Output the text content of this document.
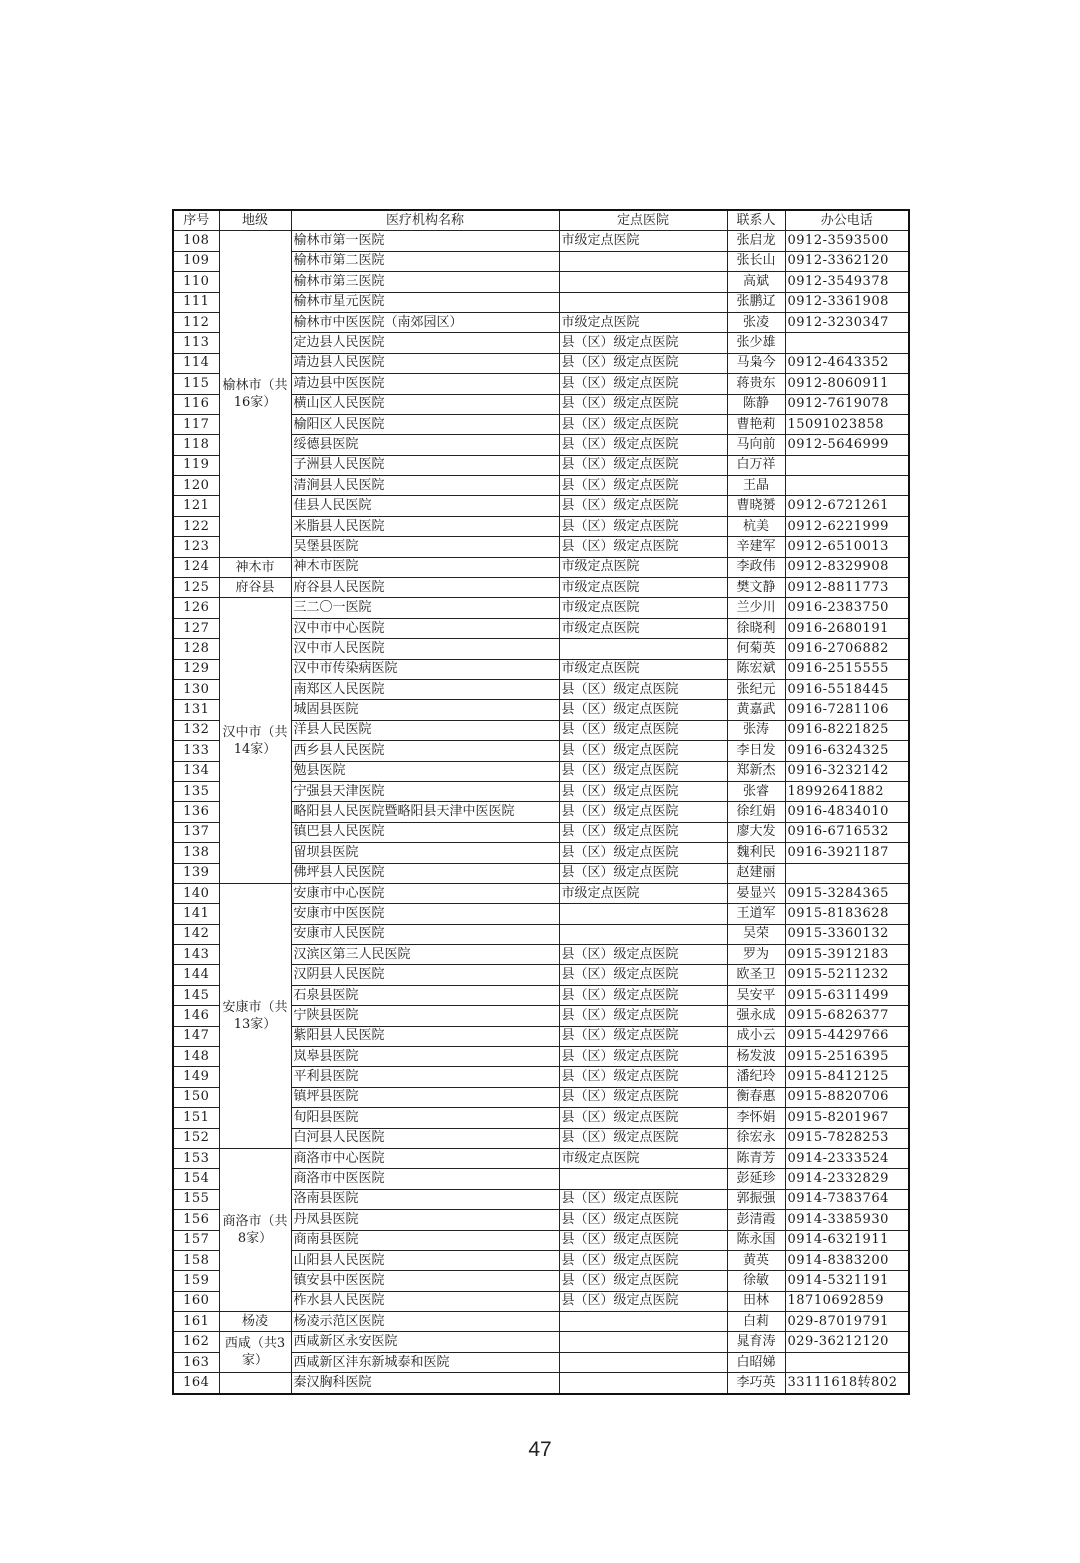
序号	地级	医疗机构名称	定点医院	联系人	办公电话
108	榆林市（共16家）	榆林市第一医院	市级定点医院	张启龙	0912-3593500
109		榆林市第二医院		张长山	0912-3362120
110		榆林市第三医院		高斌	0912-3549378
111		榆林市星元医院		张鹏辽	0912-3361908
112		榆林市中医医院（南郊园区）	市级定点医院	张凌	0912-3230347
113		定边县人民医院	县（区）级定点医院	张少雄	
114		靖边县人民医院	县（区）级定点医院	马枭今	0912-4643352
115		靖边县中医医院	县（区）级定点医院	蒋贵东	0912-8060911
116		横山区人民医院	县（区）级定点医院	陈静	0912-7619078
117		榆阳区人民医院	县（区）级定点医院	曹艳莉	15091023858
118		绥德县医院	县（区）级定点医院	马向前	0912-5646999
119		子洲县人民医院	县（区）级定点医院	白万祥	
120		清涧县人民医院	县（区）级定点医院	王晶	
121		佳县人民医院	县（区）级定点医院	曹晓赟	0912-6721261
122		米脂县人民医院	县（区）级定点医院	杭美	0912-6221999
123		吴堡县医院	县（区）级定点医院	辛建军	0912-6510013
124	神木市	神木市医院	市级定点医院	李政伟	0912-8329908
125	府谷县	府谷县人民医院	市级定点医院	樊文静	0912-8811773
126	汉中市（共14家）	三二〇一医院	市级定点医院	兰少川	0916-2383750
127		汉中市中心医院	市级定点医院	徐晓利	0916-2680191
128		汉中市人民医院		何菊英	0916-2706882
129		汉中市传染病医院	市级定点医院	陈宏斌	0916-2515555
130		南郑区人民医院	县（区）级定点医院	张纪元	0916-5518445
131		城固县医院	县（区）级定点医院	黄嘉武	0916-7281106
132		洋县人民医院	县（区）级定点医院	张涛	0916-8221825
133		西乡县人民医院	县（区）级定点医院	李日发	0916-6324325
134		勉县医院	县（区）级定点医院	郑新杰	0916-3232142
135		宁强县天津医院	县（区）级定点医院	张睿	18992641882
136		略阳县人民医院暨略阳县天津中医医院	县（区）级定点医院	徐红娟	0916-4834010
137		镇巴县人民医院	县（区）级定点医院	廖大发	0916-6716532
138		留坝县医院	县（区）级定点医院	魏利民	0916-3921187
139		佛坪县人民医院	县（区）级定点医院	赵建丽	
140	安康市（共13家）	安康市中心医院	市级定点医院	晏显兴	0915-3284365
141		安康市中医医院		王道军	0915-8183628
142		安康市人民医院		吴荣	0915-3360132
143		汉滨区第三人民医院	县（区）级定点医院	罗为	0915-3912183
144		汉阴县人民医院	县（区）级定点医院	欧圣卫	0915-5211232
145		石泉县医院	县（区）级定点医院	吴安平	0915-6311499
146		宁陕县医院	县（区）级定点医院	强永成	0915-6826377
147		紫阳县人民医院	县（区）级定点医院	成小云	0915-4429766
148		岚皋县医院	县（区）级定点医院	杨发波	0915-2516395
149		平利县医院	县（区）级定点医院	潘纪玲	0915-8412125
150		镇坪县医院	县（区）级定点医院	衡春惠	0915-8820706
151		旬阳县医院	县（区）级定点医院	李怀娟	0915-8201967
152		白河县人民医院	县（区）级定点医院	徐宏永	0915-7828253
153	商洛市（共8家）	商洛市中心医院	市级定点医院	陈青芳	0914-2333524
154		商洛市中医医院		彭延珍	0914-2332829
155		洛南县医院	县（区）级定点医院	郭振强	0914-7383764
156		丹凤县医院	县（区）级定点医院	彭清霞	0914-3385930
157		商南县医院	县（区）级定点医院	陈永国	0914-6321911
158		山阳县人民医院	县（区）级定点医院	黄英	0914-8383200
159		镇安县中医医院	县（区）级定点医院	徐敏	0914-5321191
160		柞水县人民医院	县（区）级定点医院	田林	18710692859
161	杨凌	杨凌示范区医院		白莉	029-87019791
162	西咸（共3家）	西咸新区永安医院		晁育涛	029-36212120
163		西咸新区沣东新城泰和医院		白昭娣	
164		秦汉胸科医院		李巧英	33111618转802
47
